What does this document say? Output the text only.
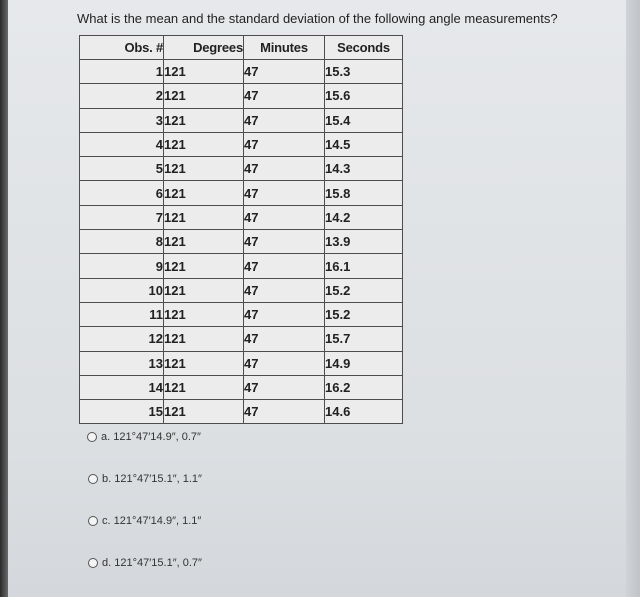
What is the mean and the standard deviation of the following angle measurements?
Obs. #	Degrees	Minutes	Seconds
1	121	47	15.3
2	121	47	15.6
3	121	47	15.4
4	121	47	14.5
5	121	47	14.3
6	121	47	15.8
7	121	47	14.2
8	121	47	13.9
9	121	47	16.1
10	121	47	15.2
11	121	47	15.2
12	121	47	15.7
13	121	47	14.9
14	121	47	16.2
15	121	47	14.6
a. 121°47′14.9″, 0.7″
b. 121°47′15.1″, 1.1″
c. 121°47′14.9″, 1.1″
d. 121°47′15.1″, 0.7″
